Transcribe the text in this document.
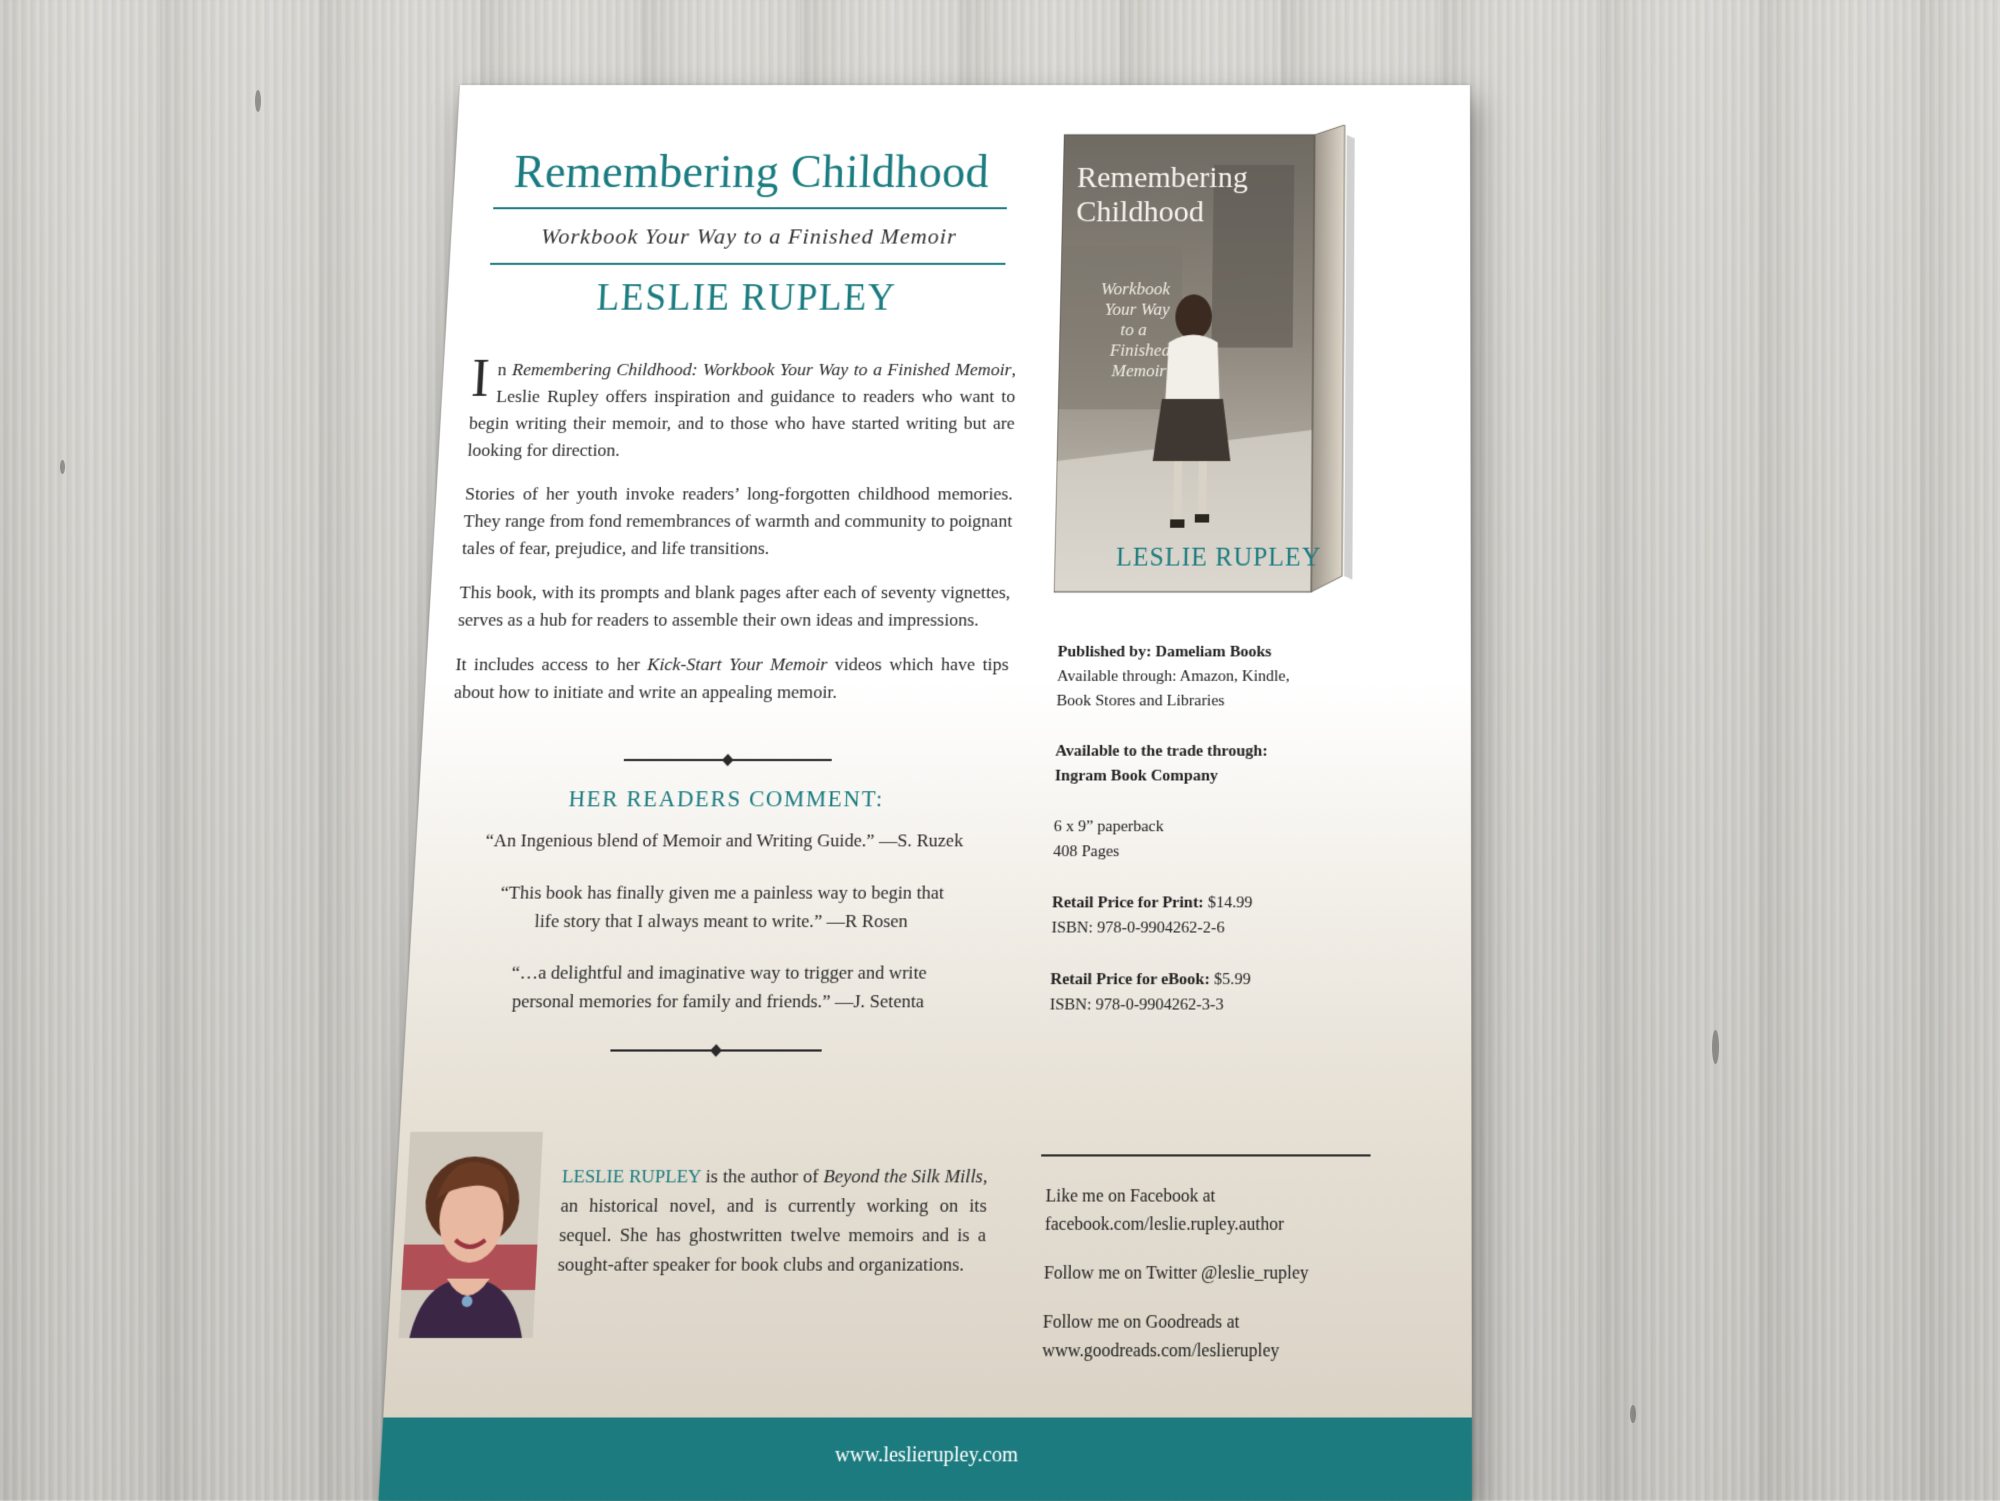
Remembering Childhood
Workbook Your Way to a Finished Memoir
LESLIE RUPLEY

In Remembering Childhood: Workbook Your Way to a Finished Memoir, Leslie Rupley offers inspiration and guidance to readers who want to begin writing their memoir, and to those who have started writing but are looking for direction.

Stories of her youth invoke readers’ long-forgotten childhood memories. They range from fond remembrances of warmth and community to poignant tales of fear, prejudice, and life transitions.

This book, with its prompts and blank pages after each of seventy vignettes, serves as a hub for readers to assemble their own ideas and impressions.

It includes access to her Kick-Start Your Memoir videos which have tips about how to initiate and write an appealing memoir.

HER READERS COMMENT:
“An Ingenious blend of Memoir and Writing Guide.” —S. Ruzek
“This book has finally given me a painless way to begin that
life story that I always meant to write.” —R Rosen
“…a delightful and imaginative way to trigger and write
personal memories for family and friends.” —J. Setenta
LESLIE RUPLEY is the author of Beyond the Silk Mills, an historical novel, and is currently working on its sequel. She has ghostwritten twelve memoirs and is a sought-after speaker for book clubs and organizations.
Remembering
Childhood
Workbook
Your Way
to a
Finished
Memoir
LESLIE RUPLEY
Published by: Dameliam Books
Available through: Amazon, Kindle,
Book Stores and Libraries
Available to the trade through:
Ingram Book Company
6 x 9” paperback
408 Pages
Retail Price for Print: $14.99
ISBN: 978-0-9904262-2-6
Retail Price for eBook: $5.99
ISBN: 978-0-9904262-3-3
Like me on Facebook at
facebook.com/leslie.rupley.author
Follow me on Twitter @leslie_rupley
Follow me on Goodreads at
www.goodreads.com/leslierupley
www.leslierupley.com
